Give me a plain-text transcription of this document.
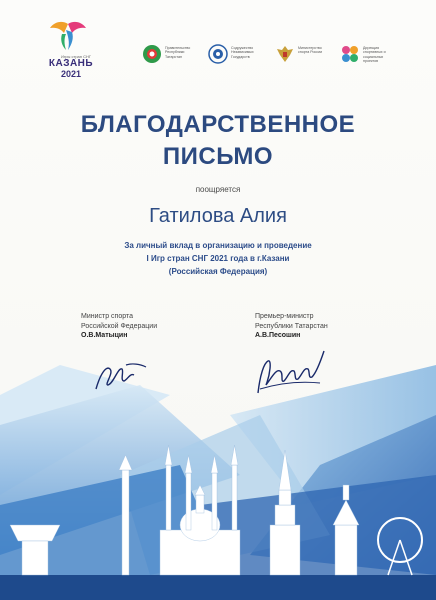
Игры стран СНГ
КАЗАНЬ
2021
Правительство Республики Татарстан
Содружество Независимых Государств
Министерство спорта России
Дирекция спортивных и социальных проектов
БЛАГОДАРСТВЕННОЕ
ПИСЬМО
поощряется
Гатилова Алия
За личный вклад в организацию и проведение
I Игр стран СНГ 2021 года в г.Казани
(Российская Федерация)
Министр спорта
Российской Федерации
О.В.Матыцин
Премьер-министр
Республики Татарстан
А.В.Песошин
